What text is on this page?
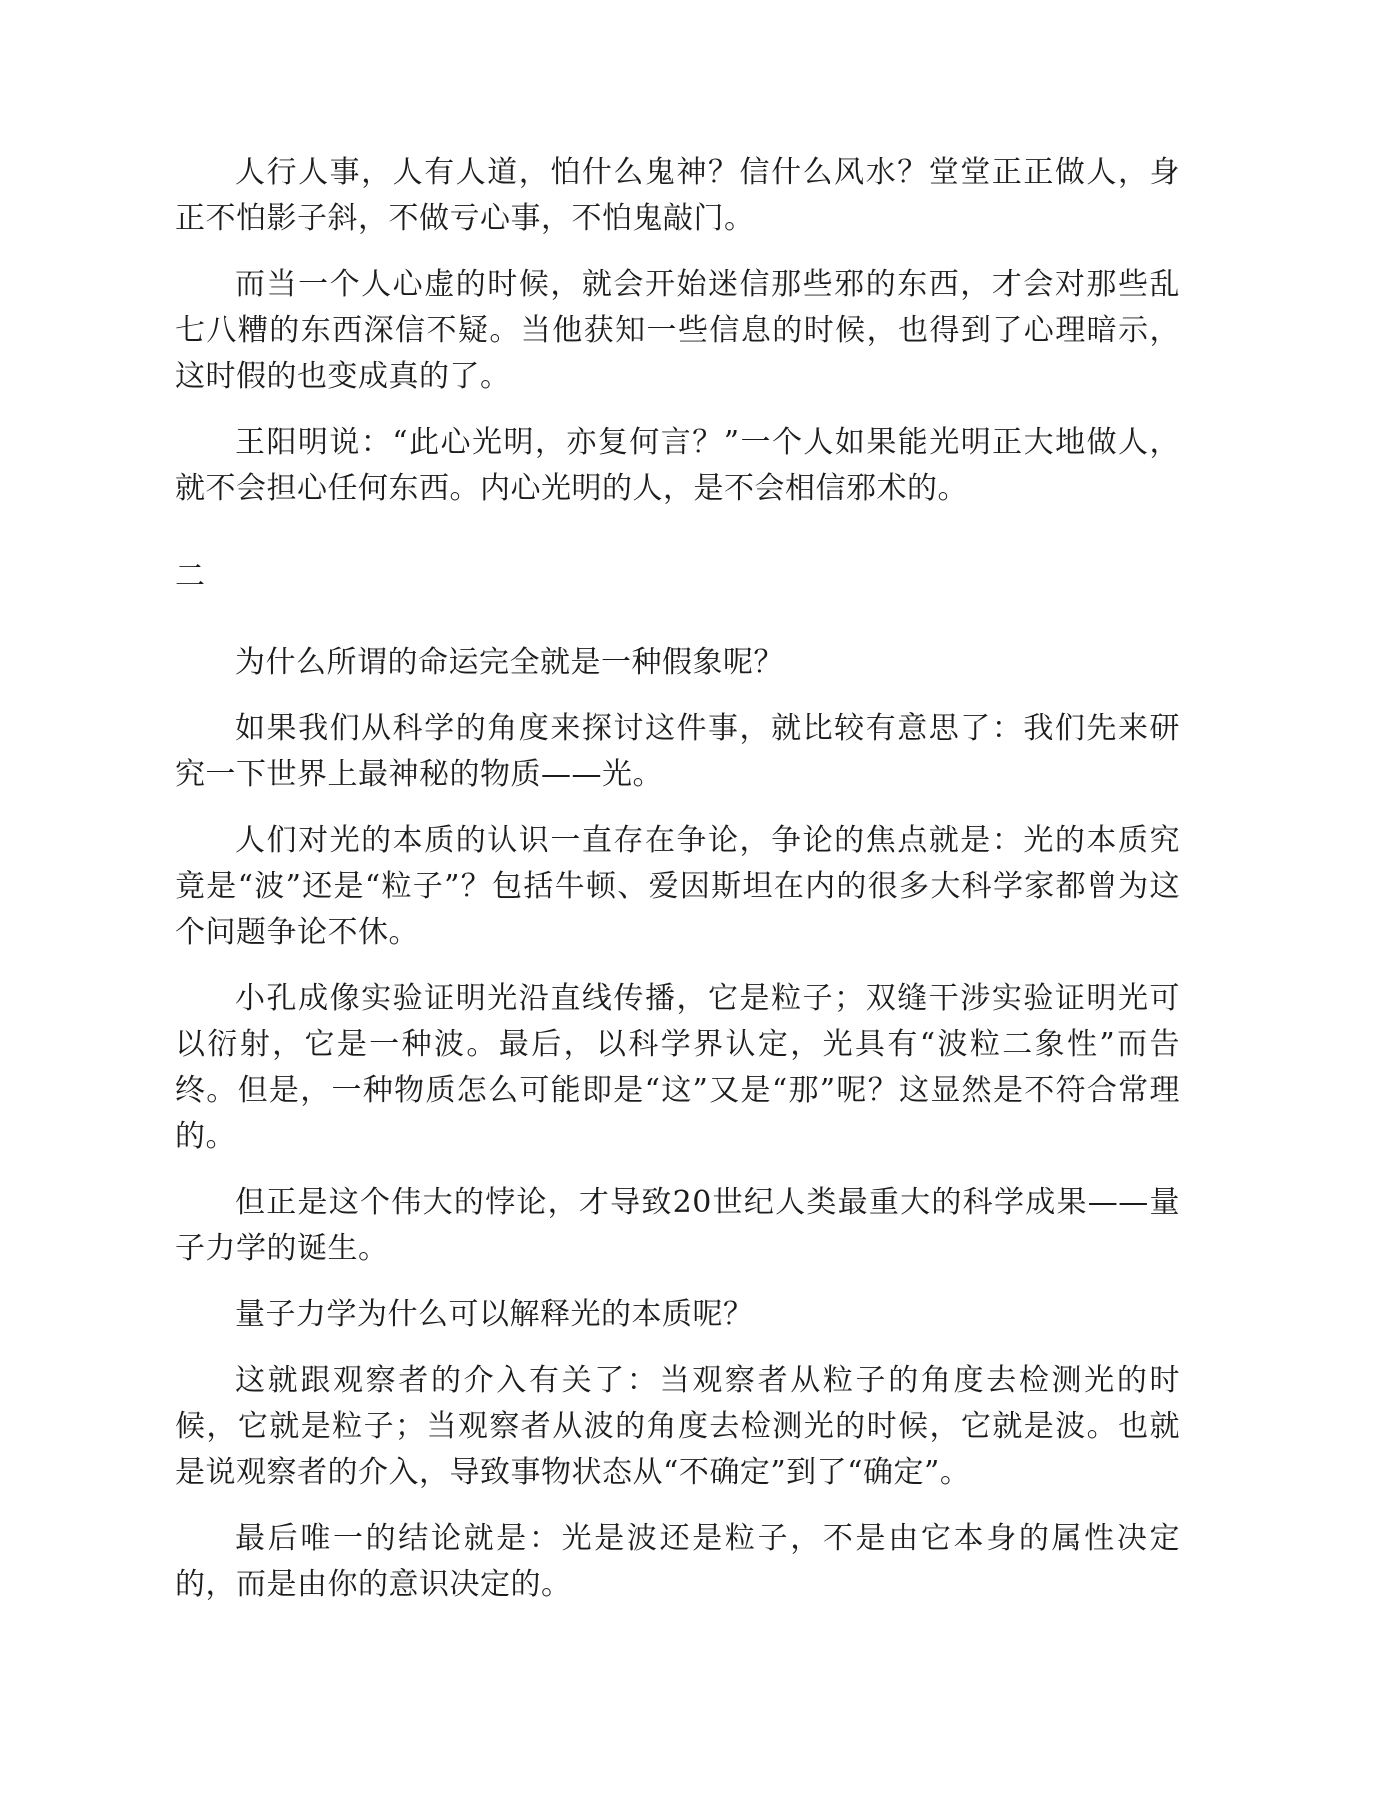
人行人事，人有人道，怕什么鬼神？信什么风水？堂堂正正做人，身正不怕影子斜，不做亏心事，不怕鬼敲门。

而当一个人心虚的时候，就会开始迷信那些邪的东西，才会对那些乱七八糟的东西深信不疑。当他获知一些信息的时候，也得到了心理暗示，这时假的也变成真的了。

王阳明说：“此心光明，亦复何言？”一个人如果能光明正大地做人，就不会担心任何东西。内心光明的人，是不会相信邪术的。

二

为什么所谓的命运完全就是一种假象呢？

如果我们从科学的角度来探讨这件事，就比较有意思了：我们先来研究一下世界上最神秘的物质——光。

人们对光的本质的认识一直存在争论，争论的焦点就是：光的本质究竟是“波”还是“粒子”？包括牛顿、爱因斯坦在内的很多大科学家都曾为这个问题争论不休。

小孔成像实验证明光沿直线传播，它是粒子；双缝干涉实验证明光可以衍射，它是一种波。最后，以科学界认定，光具有“波粒二象性”而告终。但是，一种物质怎么可能即是“这”又是“那”呢？这显然是不符合常理的。

但正是这个伟大的悖论，才导致20世纪人类最重大的科学成果——量子力学的诞生。

量子力学为什么可以解释光的本质呢？

这就跟观察者的介入有关了：当观察者从粒子的角度去检测光的时候，它就是粒子；当观察者从波的角度去检测光的时候，它就是波。也就是说观察者的介入，导致事物状态从“不确定”到了“确定”。

最后唯一的结论就是：光是波还是粒子，不是由它本身的属性决定的，而是由你的意识决定的。
